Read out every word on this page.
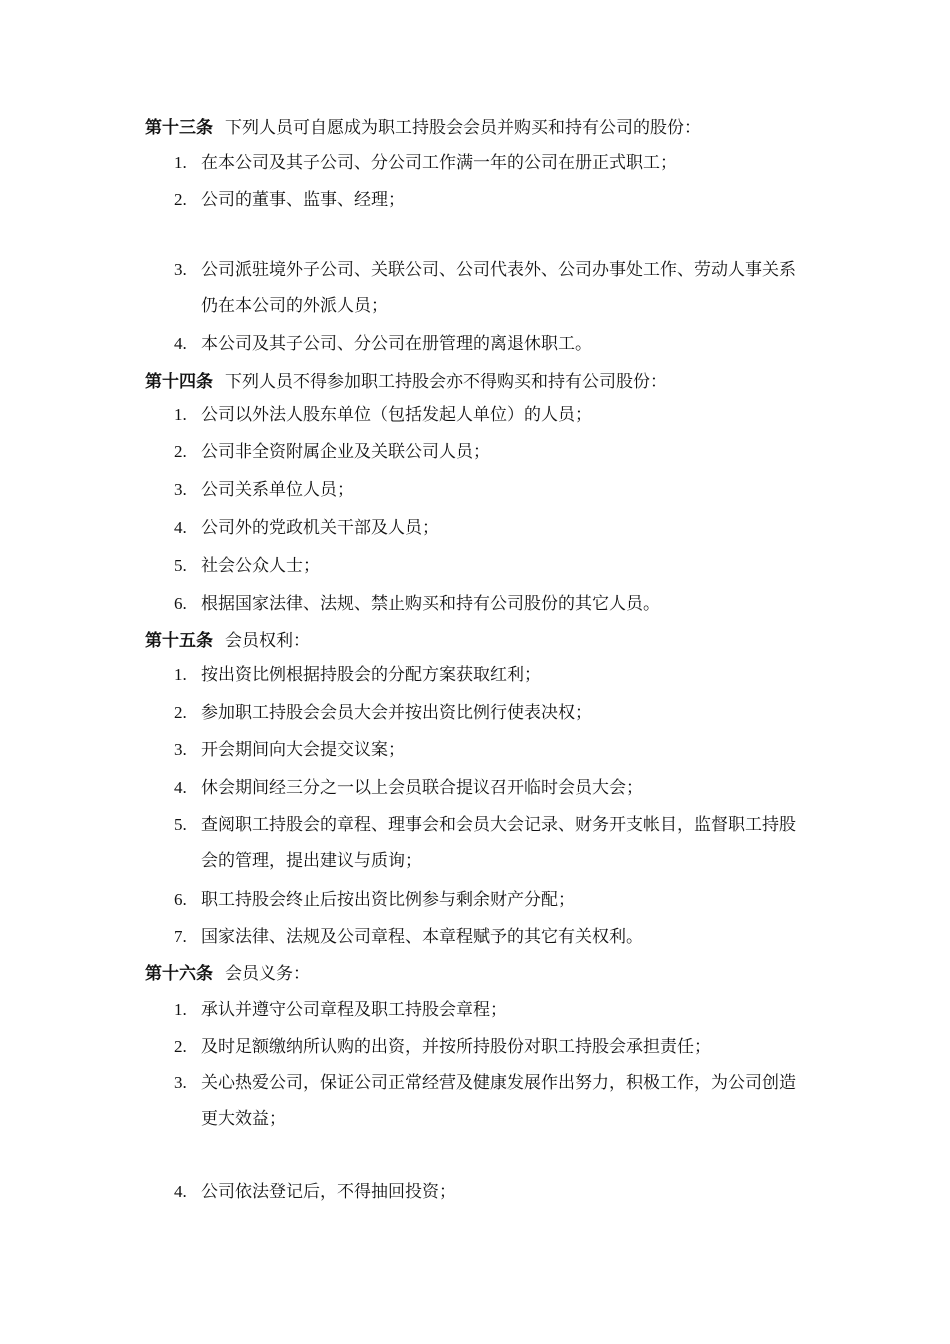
第十三条 下列人员可自愿成为职工持股会会员并购买和持有公司的股份：
1. 在本公司及其子公司、分公司工作满一年的公司在册正式职工；
2. 公司的董事、监事、经理；
3. 公司派驻境外子公司、关联公司、公司代表外、公司办事处工作、劳动人事关系仍在本公司的外派人员；
4. 本公司及其子公司、分公司在册管理的离退休职工。
第十四条 下列人员不得参加职工持股会亦不得购买和持有公司股份：
1. 公司以外法人股东单位（包括发起人单位）的人员；
2. 公司非全资附属企业及关联公司人员；
3. 公司关系单位人员；
4. 公司外的党政机关干部及人员；
5. 社会公众人士；
6. 根据国家法律、法规、禁止购买和持有公司股份的其它人员。
第十五条 会员权利：
1. 按出资比例根据持股会的分配方案获取红利；
2. 参加职工持股会会员大会并按出资比例行使表决权；
3. 开会期间向大会提交议案；
4. 休会期间经三分之一以上会员联合提议召开临时会员大会；
5. 查阅职工持股会的章程、理事会和会员大会记录、财务开支帐目，监督职工持股会的管理，提出建议与质询；
6. 职工持股会终止后按出资比例参与剩余财产分配；
7. 国家法律、法规及公司章程、本章程赋予的其它有关权利。
第十六条 会员义务：
1. 承认并遵守公司章程及职工持股会章程；
2. 及时足额缴纳所认购的出资，并按所持股份对职工持股会承担责任；
3. 关心热爱公司，保证公司正常经营及健康发展作出努力，积极工作，为公司创造更大效益；
4. 公司依法登记后，不得抽回投资；
